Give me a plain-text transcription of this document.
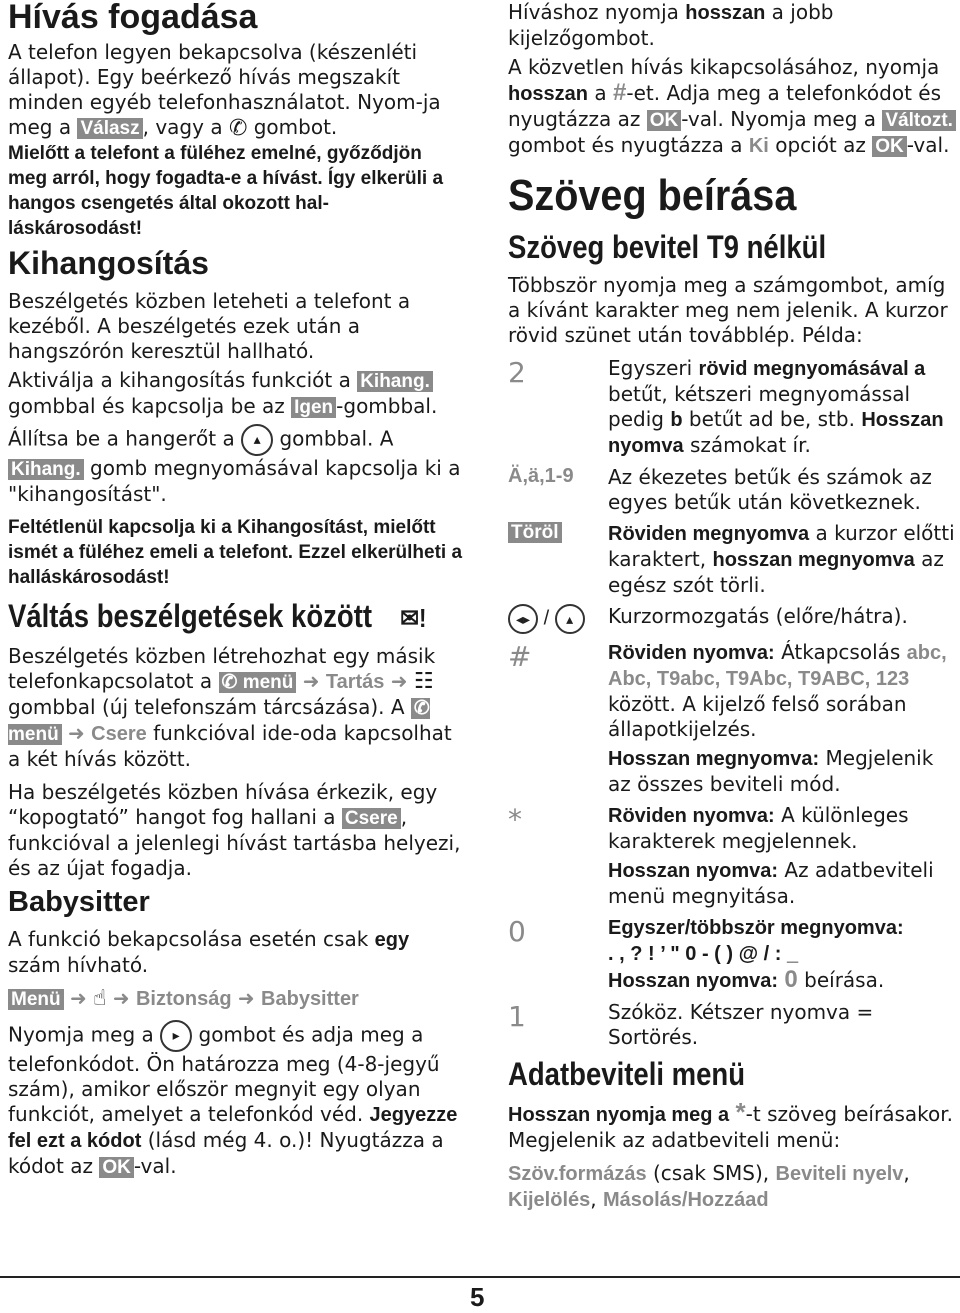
Hívás fogadása

A telefon legyen bekapcsolva (készenléti állapot). Egy beérkező hívás megszakít minden egyéb telefonhasználatot. Nyom-ja meg a Válasz , vagy a ✆ gombot.

Mielőtt a telefont a füléhez emelné, győződjön meg arról, hogy fogadta-e a hívást. Így elkerüli a hangos csengetés által okozott hal-láskárosodást!

Kihangosítás

Beszélgetés közben leteheti a telefont a kezéből. A beszélgetés ezek után a hangszórón keresztül hallható.

Aktiválja a kihangosítás funkciót a Kihang. gombbal és kapcsolja be az Igen -gombbal.

Állítsa be a hangerőt a ▴ gombbal. A Kihang. gomb megnyomásával kapcsolja ki a "kihangosítást".

Feltétlenül kapcsolja ki a Kihangosítást, mielőtt ismét a füléhez emeli a telefont. Ezzel elkerülheti a halláskárosodást!

Váltás beszélgetések között ✉!

Beszélgetés közben létrehozhat egy másik telefonkapcsolatot a ✆ menü ➜ Tartás ➜ ☷ gombbal (új telefonszám tárcsázása). A ✆ menü ➜ Csere funkcióval ide-oda kapcsolhat a két hívás között.

Ha beszélgetés közben hívása érkezik, egy “kopogtató” hangot fog hallani a Csere , funkcióval a jelenlegi hívást tartásba helyezi, és az újat fogadja.

Babysitter

A funkció bekapcsolása esetén csak egy szám hívható.

Menü ➜ ☝ ➜ Biztonság ➜ Babysitter

Nyomja meg a ▸ gombot és adja meg a telefonkódot. Ön határozza meg (4-8-jegyű szám), amikor először megnyit egy olyan funkciót, amelyet a telefonkód véd. Jegyezze fel ezt a kódot (lásd még 4. o.)! Nyugtázza a kódot az OK -val.

Híváshoz nyomja hosszan a jobb kijelzőgombot.

A közvetlen hívás kikapcsolásához, nyomja hosszan a #-et. Adja meg a telefonkódot és nyugtázza az OK -val. Nyomja meg a Változt. gombot és nyugtázza a Ki opciót az OK -val.

Szöveg beírása
Szöveg bevitel T9 nélkül

Többször nyomja meg a számgombot, amíg a kívánt karakter meg nem jelenik. A kurzor rövid szünet után továbblép. Példa:

2	Egyszeri rövid megnyomásával a betűt, kétszeri megnyomással pedig b betűt ad be, stb. Hosszan nyomva számokat ír.
Ä,ä,1-9	Az ékezetes betűk és számok az egyes betűk után következnek.
Töröl	Röviden megnyomva a kurzor előtti karaktert, hosszan megnyomva az egész szót törli.
◂▸ / ▴	Kurzormozgatás (előre/hátra).
#	Röviden nyomva: Átkapcsolás abc, Abc, T9abc, T9Abc, T9ABC, 123 között. A kijelző felső sorában állapotkijelzés.
Hosszan megnyomva: Megjelenik az összes beviteli mód.
*	Röviden nyomva: A különleges karakterek megjelennek.
Hosszan nyomva: Az adatbeviteli menü megnyitása.
0	Egyszer/többször megnyomva:
. , ? ! ’ " 0 - ( ) @ / : _
Hosszan nyomva: 0 beírása.
1	Szóköz. Kétszer nyomva = Sortörés.
Adatbeviteli menü

Hosszan nyomja meg a *-t szöveg beírásakor. Megjelenik az adatbeviteli menü:

Szöv.formázás (csak SMS), Beviteli nyelv, Kijelölés, Másolás/Hozzáad

5
